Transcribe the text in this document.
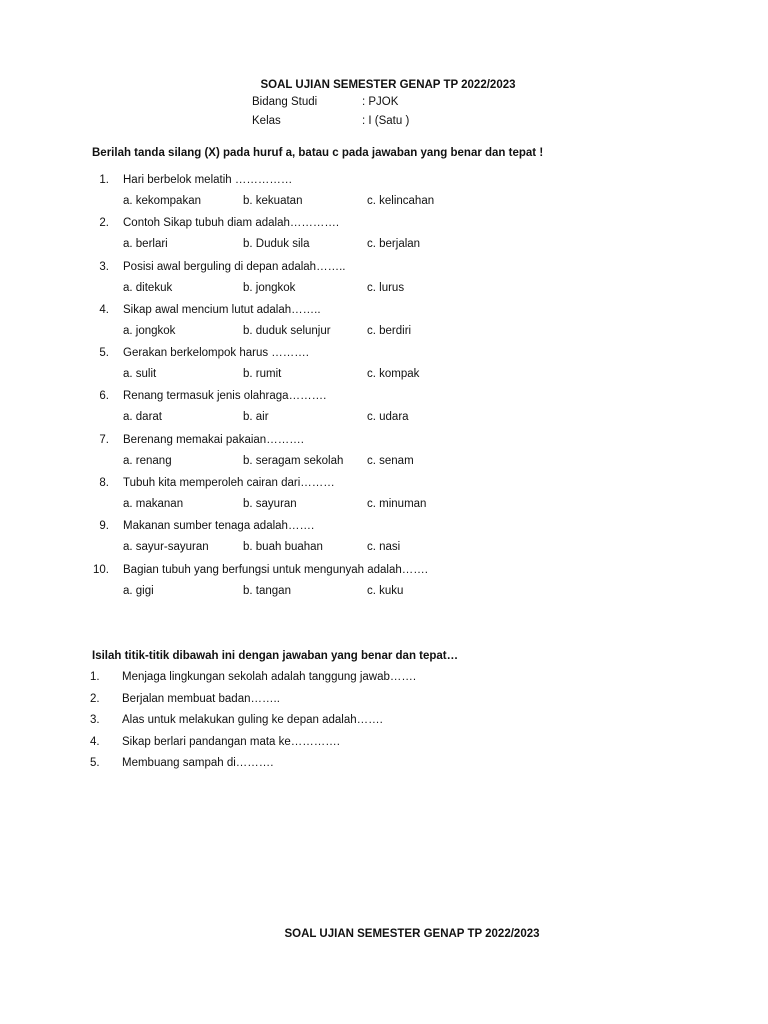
SOAL UJIAN SEMESTER GENAP TP 2022/2023
Bidang Studi	: PJOK
Kelas	: I (Satu )
Berilah tanda silang (X) pada huruf a, batau c pada jawaban yang benar dan tepat !
1. Hari berbelok melatih ……………
a. kekompakan	b. kekuatan	c. kelincahan
2. Contoh Sikap tubuh diam adalah………….
a. berlari	b. Duduk sila	c. berjalan
3. Posisi awal berguling di depan adalah……..
a. ditekuk	b. jongkok	c. lurus
4. Sikap awal mencium lutut adalah……..
a. jongkok	b. duduk selunjur	c. berdiri
5. Gerakan berkelompok harus ……….
a. sulit	b. rumit	c. kompak
6. Renang termasuk jenis olahraga……….
a. darat	b. air	c. udara
7. Berenang memakai pakaian……….
a. renang	b. seragam sekolah c. senam
8. Tubuh kita memperoleh cairan dari………
a. makanan	b. sayuran	c. minuman
9. Makanan sumber tenaga adalah…….
a. sayur-sayuran	b. buah buahan	c. nasi
10. Bagian tubuh yang berfungsi untuk mengunyah adalah…….
a. gigi	b. tangan	c. kuku
Isilah titik-titik dibawah ini dengan jawaban yang benar dan tepat…
1. Menjaga lingkungan sekolah adalah tanggung jawab…….
2. Berjalan membuat badan……..
3. Alas untuk melakukan guling ke depan adalah…….
4. Sikap berlari pandangan mata ke………….
5. Membuang sampah di……….
SOAL UJIAN SEMESTER GENAP TP 2022/2023
